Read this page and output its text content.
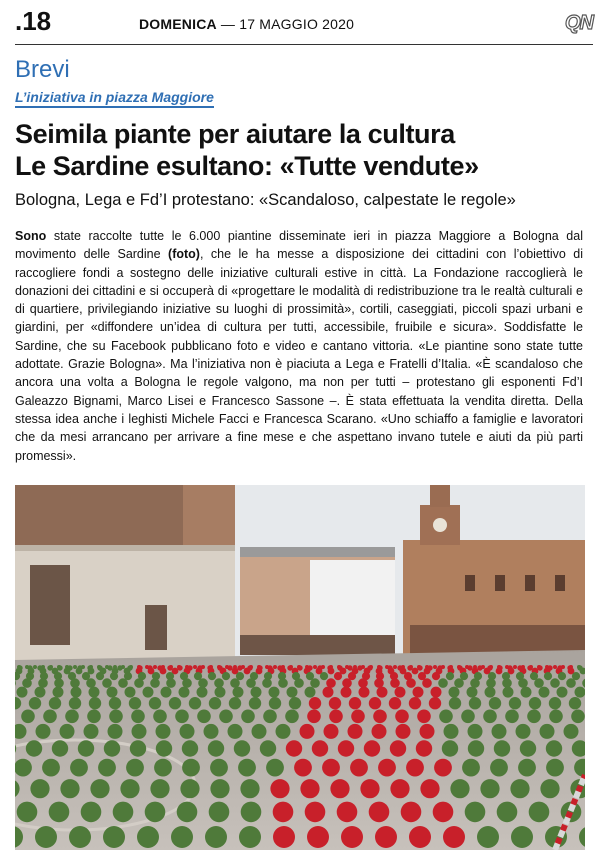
.18	DOMENICA — 17 MAGGIO 2020	QN
Brevi
L’iniziativa in piazza Maggiore
Seimila piante per aiutare la cultura
Le Sardine esultano: «Tutte vendute»
Bologna, Lega e Fd’I protestano: «Scandaloso, calpestate le regole»

Sono state raccolte tutte le 6.000 piantine disseminate ieri in piazza Maggiore a Bologna dal movimento delle Sardine (foto), che le ha messe a disposizione dei cittadini con l’obiettivo di raccogliere fondi a sostegno delle iniziative culturali estive in città. La Fondazione raccoglierà le donazioni dei cittadini e si occuperà di «progettare le modalità di redistribuzione tra le realtà culturali e di quartiere, privilegiando iniziative su luoghi di prossimità», cortili, caseggiati, piccoli spazi urbani e giardini, per «diffondere un’idea di cultura per tutti, accessibile, fruibile e sicura». Soddisfatte le Sardine, che su Facebook pubblicano foto e video e cantano vittoria. «Le piantine sono state tutte adottate. Grazie Bologna». Ma l’iniziativa non è piaciuta a Lega e Fratelli d’Italia. «È scandaloso che ancora una volta a Bologna le regole valgono, ma non per tutti – protestano gli esponenti Fd’I Galeazzo Bignami, Marco Lisei e Francesco Sassone –. È stata effettuata la vendita diretta. Della stessa idea anche i leghisti Michele Facci e Francesca Scarano. «Uno schiaffo a famiglie e lavoratori che da mesi arrancano per arrivare a fine mese e che aspettano invano tutele e aiuti da più parti promessi».
